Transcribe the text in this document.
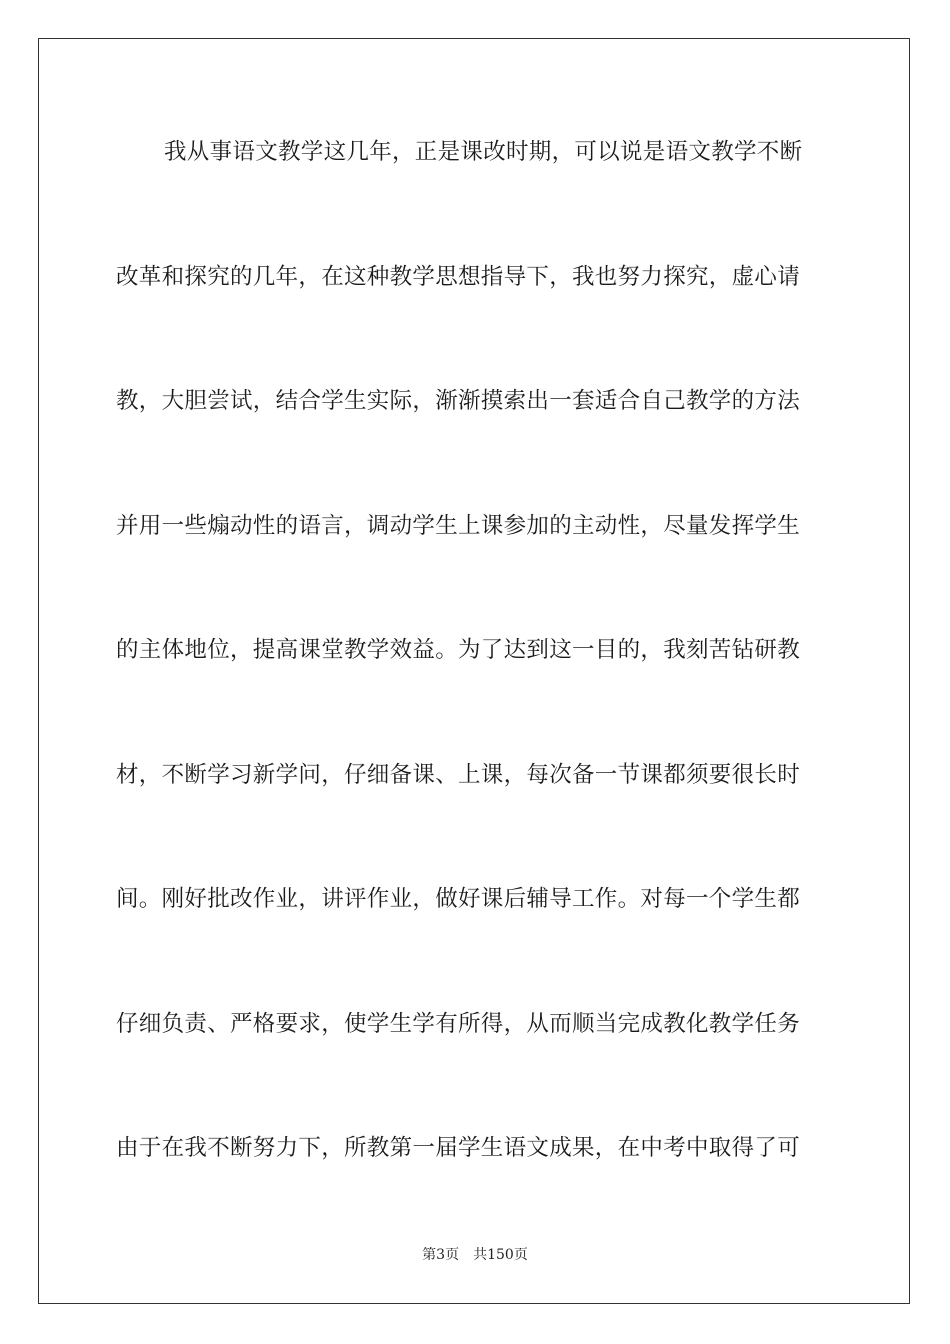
我从事语文教学这几年，正是课改时期，可以说是语文教学不断
改革和探究的几年，在这种教学思想指导下，我也努力探究，虚心请
教，大胆尝试，结合学生实际，渐渐摸索出一套适合自己教学的方法
并用一些煽动性的语言，调动学生上课参加的主动性，尽量发挥学生
的主体地位，提高课堂教学效益。为了达到这一目的，我刻苦钻研教
材，不断学习新学问，仔细备课、上课，每次备一节课都须要很长时
间。刚好批改作业，讲评作业，做好课后辅导工作。对每一个学生都
仔细负责、严格要求，使学生学有所得，从而顺当完成教化教学任务
由于在我不断努力下，所教第一届学生语文成果，在中考中取得了可
第3页 共150页
